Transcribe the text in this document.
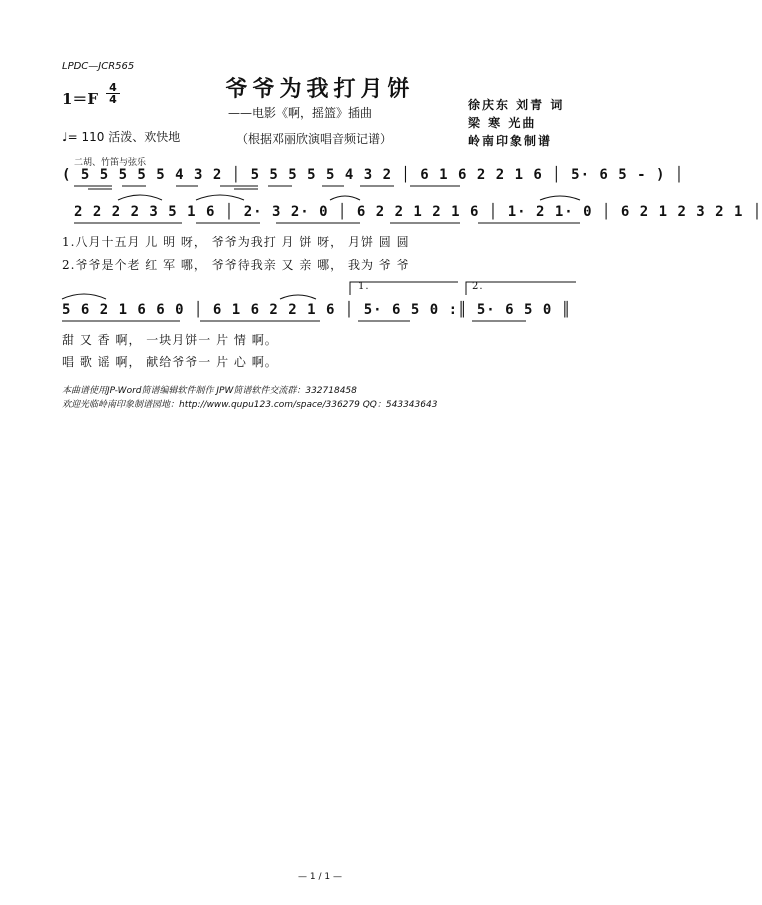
LPDC—JCR565
爷爷为我打月饼
——电影《啊，摇篮》插曲
（根据邓丽欣演唱音频记谱）
徐庆东 刘青 词
梁 寒 光曲
岭南印象制谱
1＝F
4
4
♩= 110 活泼、欢快地
二胡、竹笛与弦乐
( 5 5 5 5 5 4 3 2 │ 5 5 5 5 5 4 3 2 │ 6 1 6 2 2 1 6 │ 5· 6 5 - ) │
2 2 2 2 3 5 1 6 │ 2· 3 2· 0 │ 6 2 2 1 2 1 6 │ 1· 2 1· 0 │ 6 2 1 2 3 2 1 │
1.八月十五月 儿 明 呀， 爷爷为我打 月 饼 呀， 月饼 圆 圆
2.爷爷是个老 红 军 哪， 爷爷待我亲 又 亲 哪， 我为 爷 爷
1.	2.
5 6 2 1 6 6 0 │ 6 1 6 2 2 1 6 │ 5· 6 5 0 :║ 5· 6 5 0 ║
甜 又 香 啊， 一块月饼一 片 情 啊。
唱 歌 谣 啊， 献给爷爷一 片 心 啊。
本曲谱使用JP-Word简谱编辑软件制作 JPW简谱软件交流群：332718458
欢迎光临岭南印象制谱园地：http://www.qupu123.com/space/336279 QQ：543343643
— 1 / 1 —
